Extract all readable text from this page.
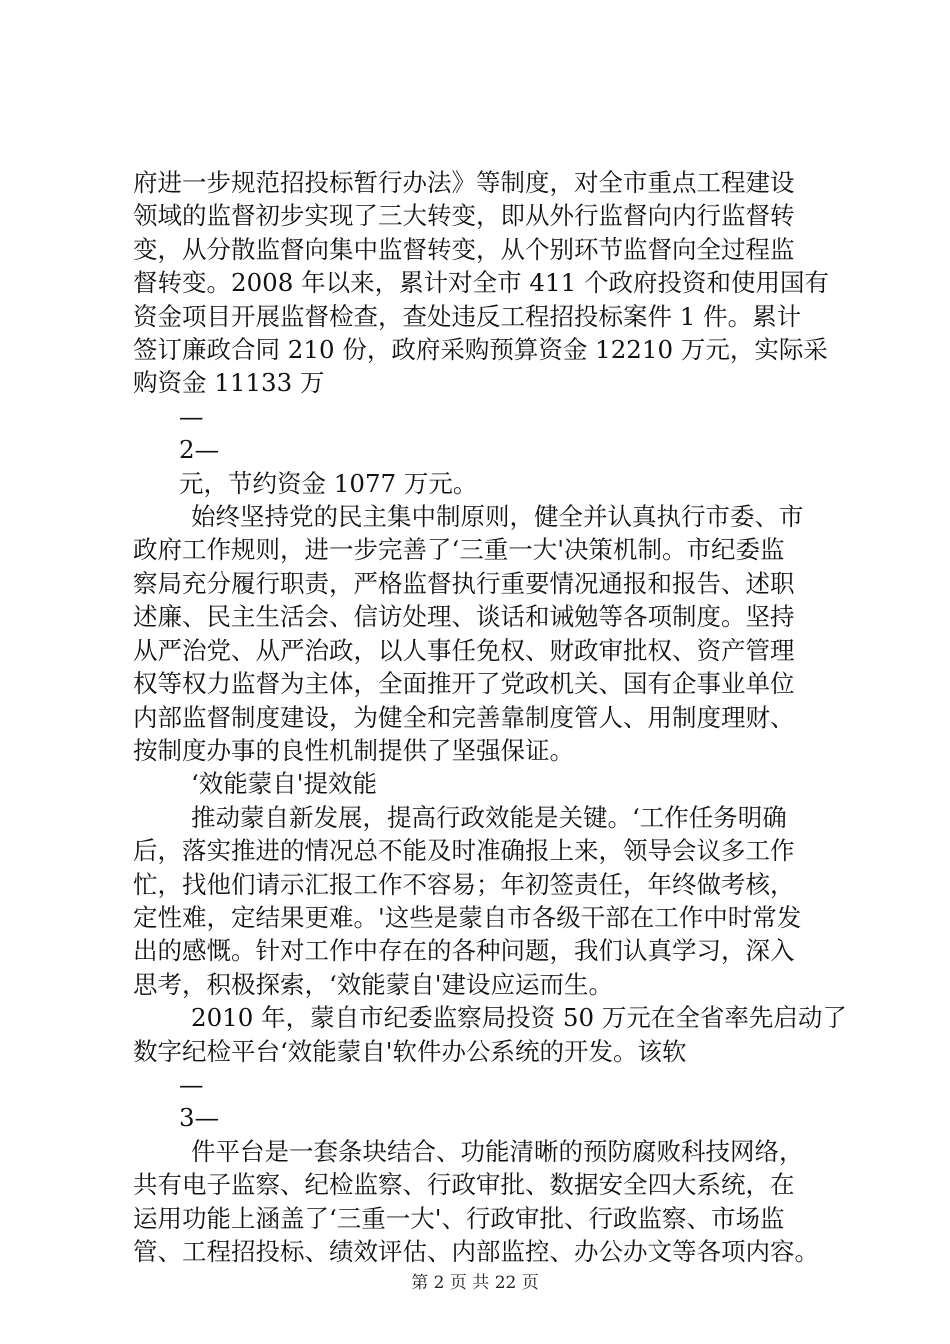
府进一步规范招投标暂行办法》等制度，对全市重点工程建设

领域的监督初步实现了三大转变，即从外行监督向内行监督转

变，从分散监督向集中监督转变，从个别环节监督向全过程监

督转变。2008 年以来，累计对全市 411 个政府投资和使用国有

资金项目开展监督检查，查处违反工程招投标案件 1 件。累计

签订廉政合同 210 份，政府采购预算资金 12210 万元，实际采

购资金 11133 万

—

2—

元，节约资金 1077 万元。

始终坚持党的民主集中制原则，健全并认真执行市委、市

政府工作规则，进一步完善了‘三重一大'决策机制。市纪委监

察局充分履行职责，严格监督执行重要情况通报和报告、述职

述廉、民主生活会、信访处理、谈话和诫勉等各项制度。坚持

从严治党、从严治政，以人事任免权、财政审批权、资产管理

权等权力监督为主体，全面推开了党政机关、国有企事业单位

内部监督制度建设，为健全和完善靠制度管人、用制度理财、

按制度办事的良性机制提供了坚强保证。

‘效能蒙自'提效能

推动蒙自新发展，提高行政效能是关键。‘工作任务明确

后，落实推进的情况总不能及时准确报上来，领导会议多工作

忙，找他们请示汇报工作不容易；年初签责任，年终做考核，

定性难，定结果更难。'这些是蒙自市各级干部在工作中时常发

出的感慨。针对工作中存在的各种问题，我们认真学习，深入

思考，积极探索，‘效能蒙自'建设应运而生。

2010 年，蒙自市纪委监察局投资 50 万元在全省率先启动了

数字纪检平台‘效能蒙自'软件办公系统的开发。该软

—

3—

件平台是一套条块结合、功能清晰的预防腐败科技网络，

共有电子监察、纪检监察、行政审批、数据安全四大系统，在

运用功能上涵盖了‘三重一大'、行政审批、行政监察、市场监

管、工程招投标、绩效评估、内部监控、办公办文等各项内容。

第 2 页 共 22 页
